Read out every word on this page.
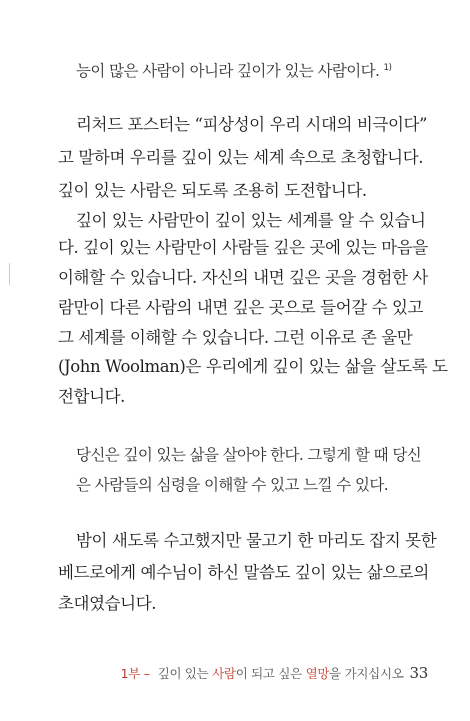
능이 많은 사람이 아니라 깊이가 있는 사람이다. $^{1)}$
리처드 포스터는 “피상성이 우리 시대의 비극이다”
고 말하며 우리를 깊이 있는 세계 속으로 초청합니다.
깊이 있는 사람은 되도록 조용히 도전합니다.
깊이 있는 사람만이 깊이 있는 세계를 알 수 있습니
다. 깊이 있는 사람만이 사람들 깊은 곳에 있는 마음을
이해할 수 있습니다. 자신의 내면 깊은 곳을 경험한 사
람만이 다른 사람의 내면 깊은 곳으로 들어갈 수 있고
그 세계를 이해할 수 있습니다. 그런 이유로 존 울만
(John Woolman)은 우리에게 깊이 있는 삶을 살도록 도
전합니다.
당신은 깊이 있는 삶을 살아야 한다. 그렇게 할 때 당신
은 사람들의 심령을 이해할 수 있고 느낄 수 있다.
밤이 새도록 수고했지만 물고기 한 마리도 잡지 못한
베드로에게 예수님이 하신 말씀도 깊이 있는 삶으로의
초대였습니다.
1부 – 깊이 있는 사람이 되고 싶은 열망을 가지십시오 33
